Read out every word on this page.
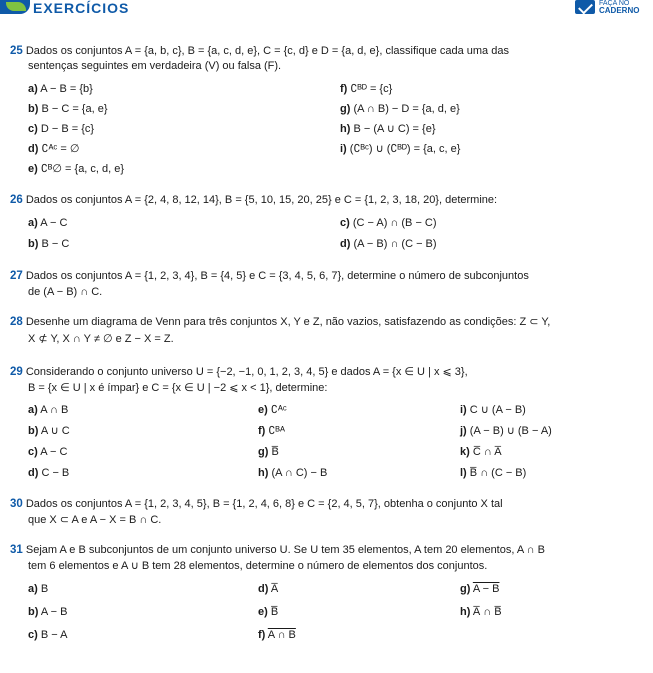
EXERCÍCIOS	FAÇA NO
CADERNO
25 Dados os conjuntos A = {a, b, c}, B = {a, c, d, e}, C = {c, d} e D = {a, d, e}, classifique cada uma das
sentenças seguintes em verdadeira (V) ou falsa (F).
a) A − B = {b}	f) ∁ᴮᴰ = {c}
b) B − C = {a, e}	g) (A ∩ B) − D = {a, d, e}
c) D − B = {c}	h) B − (A ∪ C) = {e}
d) ∁ᴬᶜ = ∅	i) (∁ᴮᶜ) ∪ (∁ᴮᴰ) = {a, c, e}
e) ∁ᴮ∅ = {a, c, d, e}
26 Dados os conjuntos A = {2, 4, 8, 12, 14}, B = {5, 10, 15, 20, 25} e C = {1, 2, 3, 18, 20}, determine:
a) A − C	c) (C − A) ∩ (B − C)
b) B − C	d) (A − B) ∩ (C − B)
27 Dados os conjuntos A = {1, 2, 3, 4}, B = {4, 5} e C = {3, 4, 5, 6, 7}, determine o número de subconjuntos
de (A − B) ∩ C.
28 Desenhe um diagrama de Venn para três conjuntos X, Y e Z, não vazios, satisfazendo as condições: Z ⊂ Y,
X ⊄ Y, X ∩ Y ≠ ∅ e Z − X = Z.
29 Considerando o conjunto universo U = {−2, −1, 0, 1, 2, 3, 4, 5} e dados A = {x ∈ U | x ⩽ 3},
B = {x ∈ U | x é ímpar} e C = {x ∈ U | −2 ⩽ x < 1}, determine:
a) A ∩ B	e) ∁ᴬᶜ	i) C ∪ (A − B)
b) A ∪ C	f) ∁ᴮᴬ	j) (A − B) ∪ (B − A)
c) A − C	g) B̅	k) C̅ ∩ A̅
d) C − B	h) (A ∩ C) − B	l) B̅ ∩ (C − B)
30 Dados os conjuntos A = {1, 2, 3, 4, 5}, B = {1, 2, 4, 6, 8} e C = {2, 4, 5, 7}, obtenha o conjunto X tal
que X ⊂ A e A − X = B ∩ C.
31 Sejam A e B subconjuntos de um conjunto universo U. Se U tem 35 elementos, A tem 20 elementos, A ∩ B
tem 6 elementos e A ∪ B tem 28 elementos, determine o número de elementos dos conjuntos.
a) B	d) A̅	g) A − B
b) A − B	e) B̅	h) A̅ ∩ B̅
c) B − A	f) A ∩ B
